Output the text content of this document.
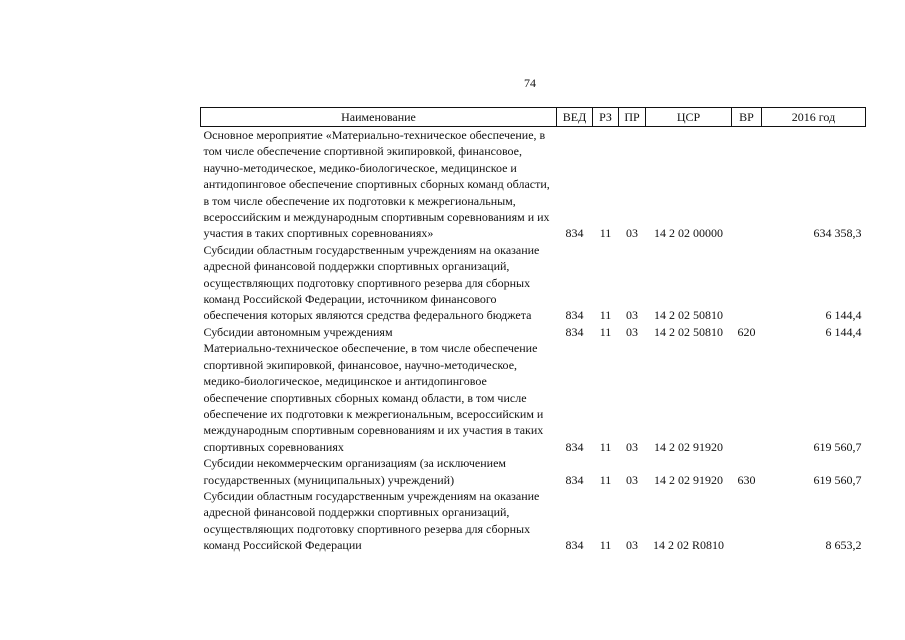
74
Наименование	ВЕД	РЗ	ПР	ЦСР	ВР	2016 год
Основное мероприятие «Материально-техническое обеспечение, в том числе обеспечение спортивной экипировкой, финансовое, научно-методическое, медико-биологическое, медицинское и антидопинговое обеспечение спортивных сборных команд области, в том числе обеспечение их подготовки к межрегиональным, всероссийским и международным спортивным соревнованиям и их участия в таких спортивных соревнованиях»	834	11	03	14 2 02 00000		634 358,3
Субсидии областным государственным учреждениям на оказание адресной финансовой поддержки спортивных организаций, осуществляющих подготовку спортивного резерва для сборных команд Российской Федерации, источником финансового обеспечения которых являются средства федерального бюджета	834	11	03	14 2 02 50810		6 144,4
Субсидии автономным учреждениям	834	11	03	14 2 02 50810	620	6 144,4
Материально-техническое обеспечение, в том числе обеспечение спортивной экипировкой, финансовое, научно-методическое, медико-биологическое, медицинское и антидопинговое обеспечение спортивных сборных команд области, в том числе обеспечение их подготовки к межрегиональным, всероссийским и международным спортивным соревнованиям и их участия в таких спортивных соревнованиях	834	11	03	14 2 02 91920		619 560,7
Субсидии некоммерческим организациям (за исключением государственных (муниципальных) учреждений)	834	11	03	14 2 02 91920	630	619 560,7
Субсидии областным государственным учреждениям на оказание адресной финансовой поддержки спортивных организаций, осуществляющих подготовку спортивного резерва для сборных команд Российской Федерации	834	11	03	14 2 02 R0810		8 653,2
